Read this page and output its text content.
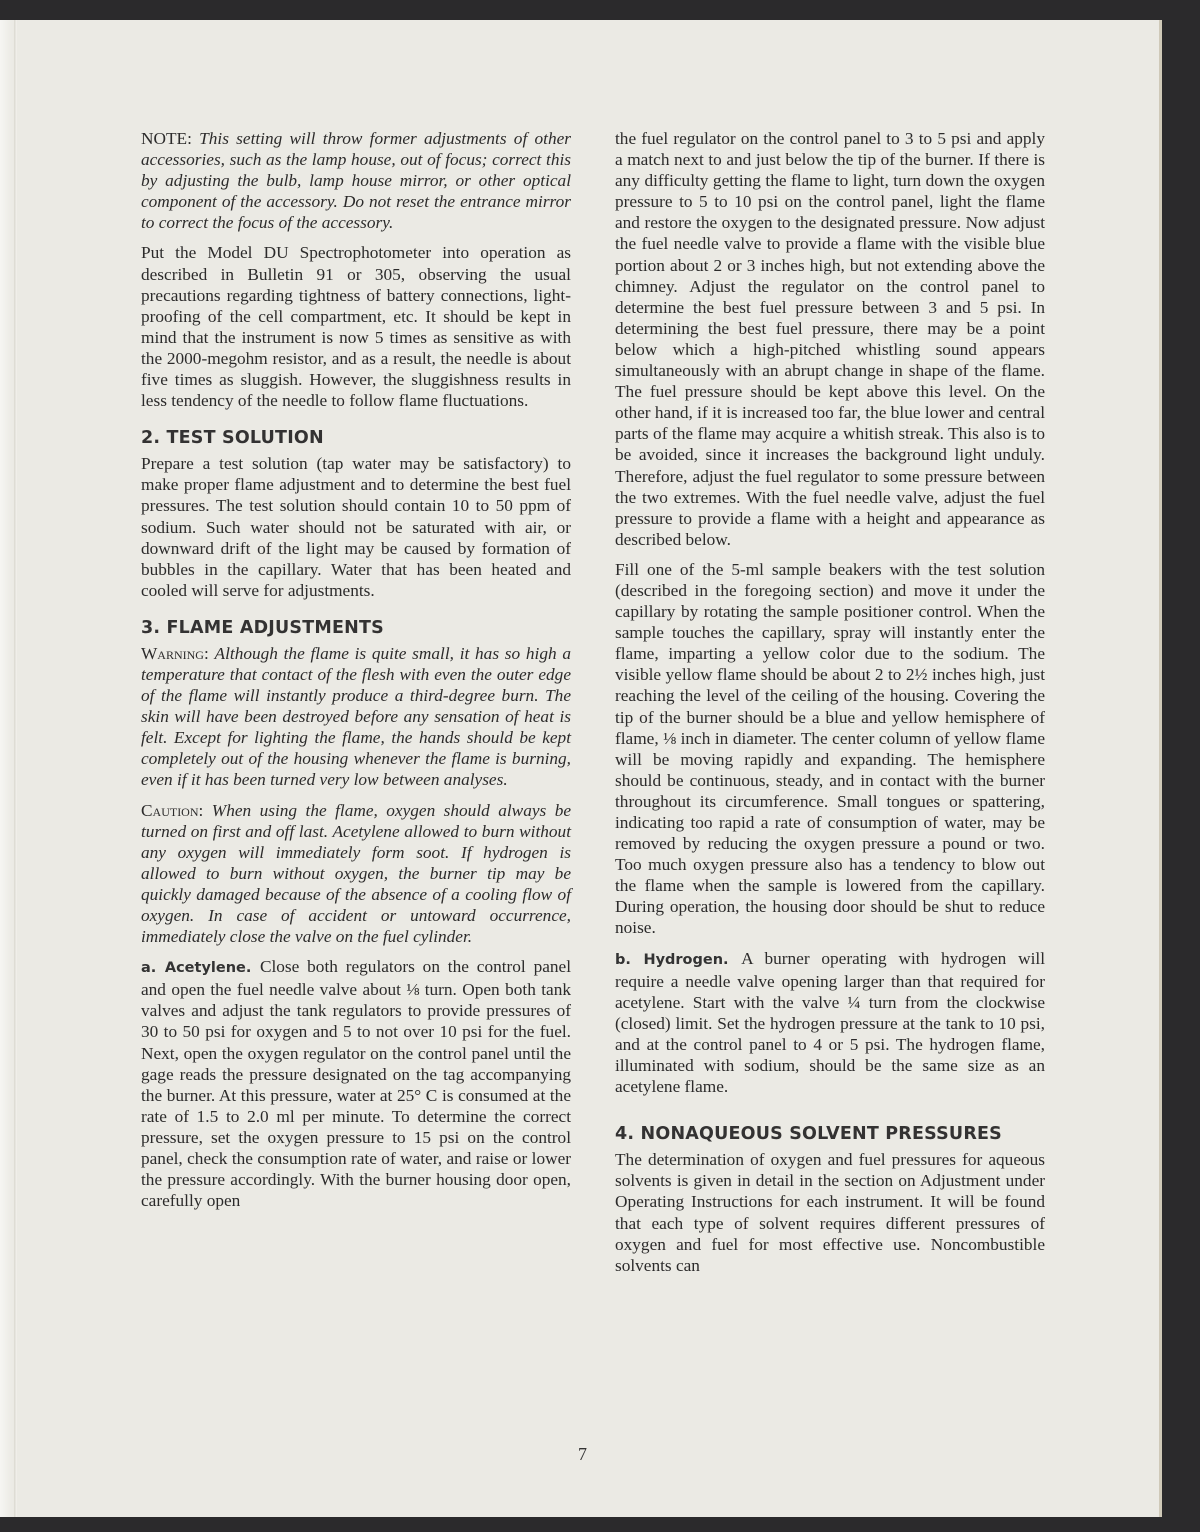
NOTE: This setting will throw former adjustments of other accessories, such as the lamp house, out of focus; correct this by adjusting the bulb, lamp house mirror, or other optical component of the accessory. Do not reset the entrance mirror to correct the focus of the accessory.

Put the Model DU Spectrophotometer into operation as described in Bulletin 91 or 305, observing the usual precautions regarding tightness of battery connections, light-proofing of the cell compartment, etc. It should be kept in mind that the instrument is now 5 times as sensitive as with the 2000-megohm resistor, and as a result, the needle is about five times as sluggish. However, the sluggishness results in less tendency of the needle to follow flame fluctuations.

2. TEST SOLUTION

Prepare a test solution (tap water may be satisfactory) to make proper flame adjustment and to determine the best fuel pressures. The test solution should contain 10 to 50 ppm of sodium. Such water should not be saturated with air, or downward drift of the light may be caused by formation of bubbles in the capillary. Water that has been heated and cooled will serve for adjustments.

3. FLAME ADJUSTMENTS

Warning: Although the flame is quite small, it has so high a temperature that contact of the flesh with even the outer edge of the flame will instantly produce a third-degree burn. The skin will have been destroyed before any sensation of heat is felt. Except for lighting the flame, the hands should be kept completely out of the housing whenever the flame is burning, even if it has been turned very low between analyses.

Caution: When using the flame, oxygen should always be turned on first and off last. Acetylene allowed to burn without any oxygen will immediately form soot. If hydrogen is allowed to burn without oxygen, the burner tip may be quickly damaged because of the absence of a cooling flow of oxygen. In case of accident or untoward occurrence, immediately close the valve on the fuel cylinder.

a. Acetylene. Close both regulators on the control panel and open the fuel needle valve about ⅛ turn. Open both tank valves and adjust the tank regulators to provide pressures of 30 to 50 psi for oxygen and 5 to not over 10 psi for the fuel. Next, open the oxygen regulator on the control panel until the gage reads the pressure designated on the tag accompanying the burner. At this pressure, water at 25° C is consumed at the rate of 1.5 to 2.0 ml per minute. To determine the correct pressure, set the oxygen pressure to 15 psi on the control panel, check the consumption rate of water, and raise or lower the pressure accordingly. With the burner housing door open, carefully open

the fuel regulator on the control panel to 3 to 5 psi and apply a match next to and just below the tip of the burner. If there is any difficulty getting the flame to light, turn down the oxygen pressure to 5 to 10 psi on the control panel, light the flame and restore the oxygen to the designated pressure. Now adjust the fuel needle valve to provide a flame with the visible blue portion about 2 or 3 inches high, but not extending above the chimney. Adjust the regulator on the control panel to determine the best fuel pressure between 3 and 5 psi. In determining the best fuel pressure, there may be a point below which a high-pitched whistling sound appears simultaneously with an abrupt change in shape of the flame. The fuel pressure should be kept above this level. On the other hand, if it is increased too far, the blue lower and central parts of the flame may acquire a whitish streak. This also is to be avoided, since it increases the background light unduly. Therefore, adjust the fuel regulator to some pressure between the two extremes. With the fuel needle valve, adjust the fuel pressure to provide a flame with a height and appearance as described below.

Fill one of the 5-ml sample beakers with the test solution (described in the foregoing section) and move it under the capillary by rotating the sample positioner control. When the sample touches the capillary, spray will instantly enter the flame, imparting a yellow color due to the sodium. The visible yellow flame should be about 2 to 2½ inches high, just reaching the level of the ceiling of the housing. Covering the tip of the burner should be a blue and yellow hemisphere of flame, ⅛ inch in diameter. The center column of yellow flame will be moving rapidly and expanding. The hemisphere should be continuous, steady, and in contact with the burner throughout its circumference. Small tongues or spattering, indicating too rapid a rate of consumption of water, may be removed by reducing the oxygen pressure a pound or two. Too much oxygen pressure also has a tendency to blow out the flame when the sample is lowered from the capillary. During operation, the housing door should be shut to reduce noise.

b. Hydrogen. A burner operating with hydrogen will require a needle valve opening larger than that required for acetylene. Start with the valve ¼ turn from the clockwise (closed) limit. Set the hydrogen pressure at the tank to 10 psi, and at the control panel to 4 or 5 psi. The hydrogen flame, illuminated with sodium, should be the same size as an acetylene flame.

4. NONAQUEOUS SOLVENT PRESSURES

The determination of oxygen and fuel pressures for aqueous solvents is given in detail in the section on Adjustment under Operating Instructions for each instrument. It will be found that each type of solvent requires different pressures of oxygen and fuel for most effective use. Noncombustible solvents can

7
